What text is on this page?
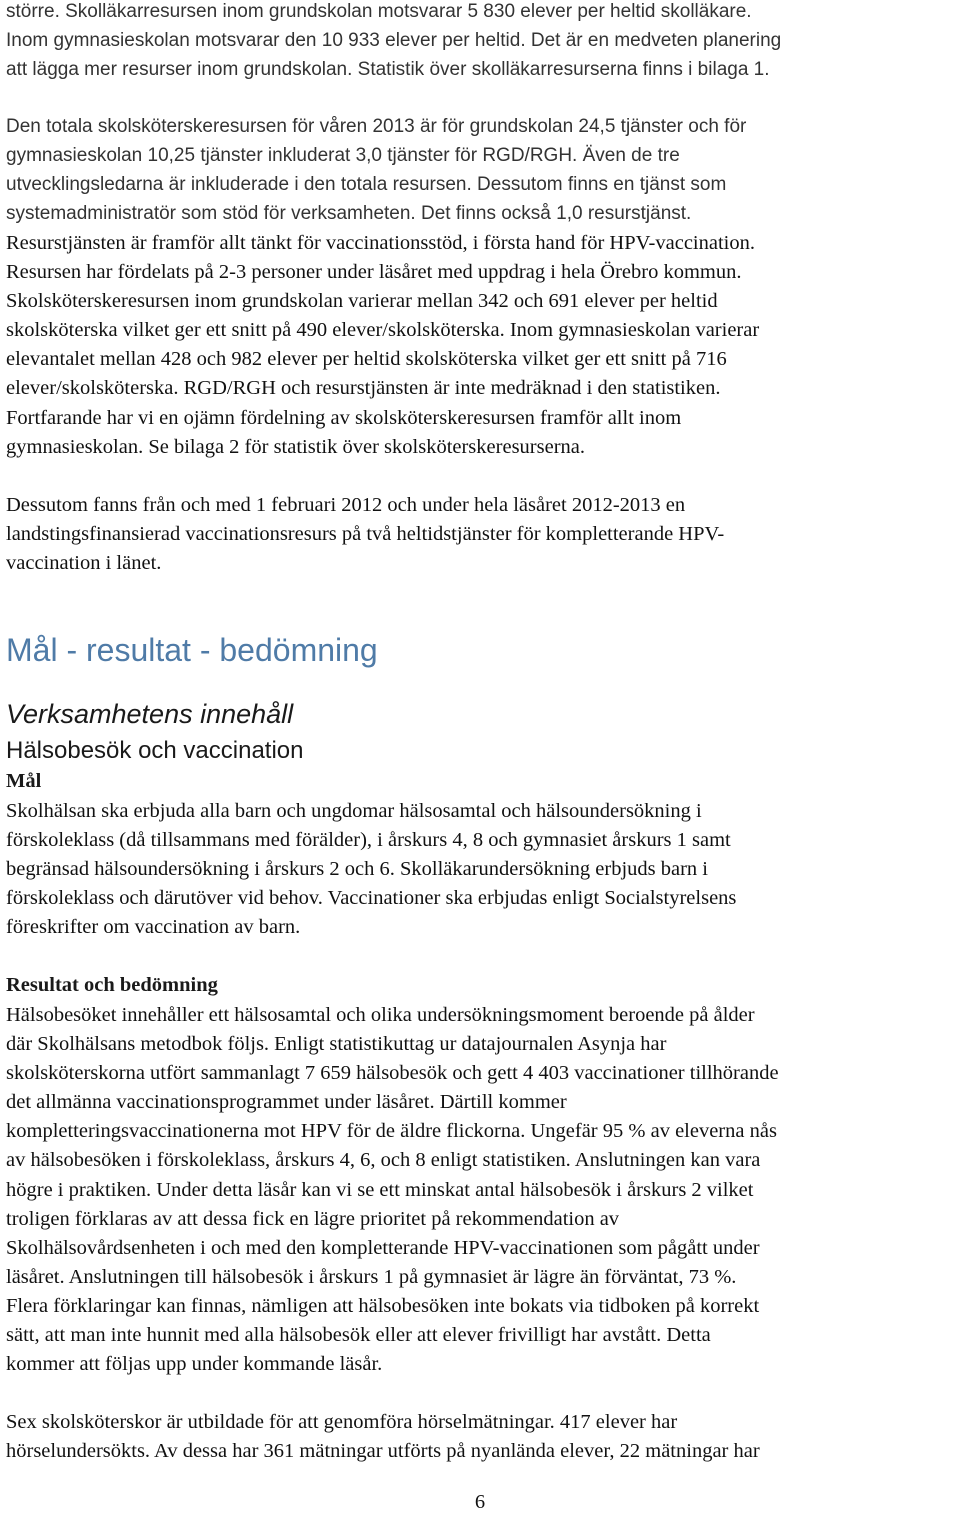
större. Skolläkarresursen inom grundskolan motsvarar 5 830 elever per heltid skolläkare.
Inom gymnasieskolan motsvarar den 10 933 elever per heltid. Det är en medveten planering
att lägga mer resurser inom grundskolan. Statistik över skolläkarresurserna finns i bilaga 1.

Den totala skolsköterskeresursen för våren 2013 är för grundskolan 24,5 tjänster och för
gymnasieskolan 10,25 tjänster inkluderat 3,0 tjänster för RGD/RGH. Även de tre
utvecklingsledarna är inkluderade i den totala resursen. Dessutom finns en tjänst som
systemadministratör som stöd för verksamheten. Det finns också 1,0 resurstjänst.

Resurstjänsten är framför allt tänkt för vaccinationsstöd, i första hand för HPV-vaccination.
Resursen har fördelats på 2-3 personer under läsåret med uppdrag i hela Örebro kommun.
Skolsköterskeresursen inom grundskolan varierar mellan 342 och 691 elever per heltid
skolsköterska vilket ger ett snitt på 490 elever/skolsköterska. Inom gymnasieskolan varierar
elevantalet mellan 428 och 982 elever per heltid skolsköterska vilket ger ett snitt på 716
elever/skolsköterska. RGD/RGH och resurstjänsten är inte medräknad i den statistiken.
Fortfarande har vi en ojämn fördelning av skolsköterskeresursen framför allt inom
gymnasieskolan. Se bilaga 2 för statistik över skolsköterskeresurserna.

Dessutom fanns från och med 1 februari 2012 och under hela läsåret 2012-2013 en
landstingsfinansierad vaccinationsresurs på två heltidstjänster för kompletterande HPV-
vaccination i länet.

Mål - resultat - bedömning
Verksamhetens innehåll
Hälsobesök och vaccination
Mål

Skolhälsan ska erbjuda alla barn och ungdomar hälsosamtal och hälsoundersökning i
förskoleklass (då tillsammans med förälder), i årskurs 4, 8 och gymnasiet årskurs 1 samt
begränsad hälsoundersökning i årskurs 2 och 6. Skolläkarundersökning erbjuds barn i
förskoleklass och därutöver vid behov. Vaccinationer ska erbjudas enligt Socialstyrelsens
föreskrifter om vaccination av barn.

Resultat och bedömning

Hälsobesöket innehåller ett hälsosamtal och olika undersökningsmoment beroende på ålder
där Skolhälsans metodbok följs. Enligt statistikuttag ur datajournalen Asynja har
skolsköterskorna utfört sammanlagt 7 659 hälsobesök och gett 4 403 vaccinationer tillhörande
det allmänna vaccinationsprogrammet under läsåret. Därtill kommer
kompletteringsvaccinationerna mot HPV för de äldre flickorna. Ungefär 95 % av eleverna nås
av hälsobesöken i förskoleklass, årskurs 4, 6, och 8 enligt statistiken. Anslutningen kan vara
högre i praktiken. Under detta läsår kan vi se ett minskat antal hälsobesök i årskurs 2 vilket
troligen förklaras av att dessa fick en lägre prioritet på rekommendation av
Skolhälsovårdsenheten i och med den kompletterande HPV-vaccinationen som pågått under
läsåret. Anslutningen till hälsobesök i årskurs 1 på gymnasiet är lägre än förväntat, 73 %.
Flera förklaringar kan finnas, nämligen att hälsobesöken inte bokats via tidboken på korrekt
sätt, att man inte hunnit med alla hälsobesök eller att elever frivilligt har avstått. Detta
kommer att följas upp under kommande läsår.

Sex skolsköterskor är utbildade för att genomföra hörselmätningar. 417 elever har
hörselundersökts. Av dessa har 361 mätningar utförts på nyanlända elever, 22 mätningar har

6
